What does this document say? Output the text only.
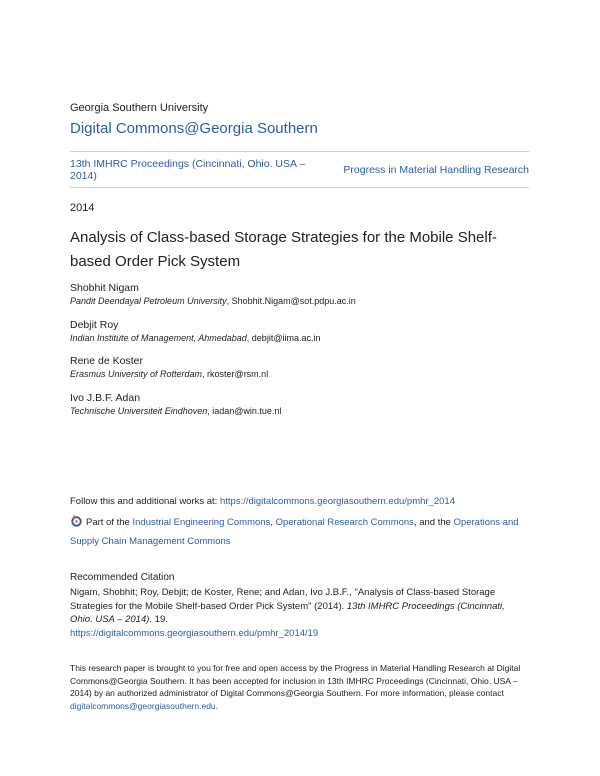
Georgia Southern University
Digital Commons@Georgia Southern
13th IMHRC Proceedings (Cincinnati, Ohio. USA – 2014)	Progress in Material Handling Research
2014
Analysis of Class-based Storage Strategies for the Mobile Shelf-based Order Pick System
Shobhit Nigam
Pandit Deendayal Petroleum University, Shobhit.Nigam@sot.pdpu.ac.in
Debjit Roy
Indian Institute of Management, Ahmedabad, debjit@iima.ac.in
Rene de Koster
Erasmus University of Rotterdam, rkoster@rsm.nl
Ivo J.B.F. Adan
Technische Universiteit Eindhoven, iadan@win.tue.nl
Follow this and additional works at: https://digitalcommons.georgiasouthern.edu/pmhr_2014
Part of the Industrial Engineering Commons, Operational Research Commons, and the Operations and Supply Chain Management Commons
Recommended Citation
Nigam, Shobhit; Roy, Debjit; de Koster, Rene; and Adan, Ivo J.B.F., "Analysis of Class-based Storage Strategies for the Mobile Shelf-based Order Pick System" (2014). 13th IMHRC Proceedings (Cincinnati, Ohio. USA – 2014). 19.
https://digitalcommons.georgiasouthern.edu/pmhr_2014/19
This research paper is brought to you for free and open access by the Progress in Material Handling Research at Digital Commons@Georgia Southern. It has been accepted for inclusion in 13th IMHRC Proceedings (Cincinnati, Ohio. USA – 2014) by an authorized administrator of Digital Commons@Georgia Southern. For more information, please contact digitalcommons@georgiasouthern.edu.
